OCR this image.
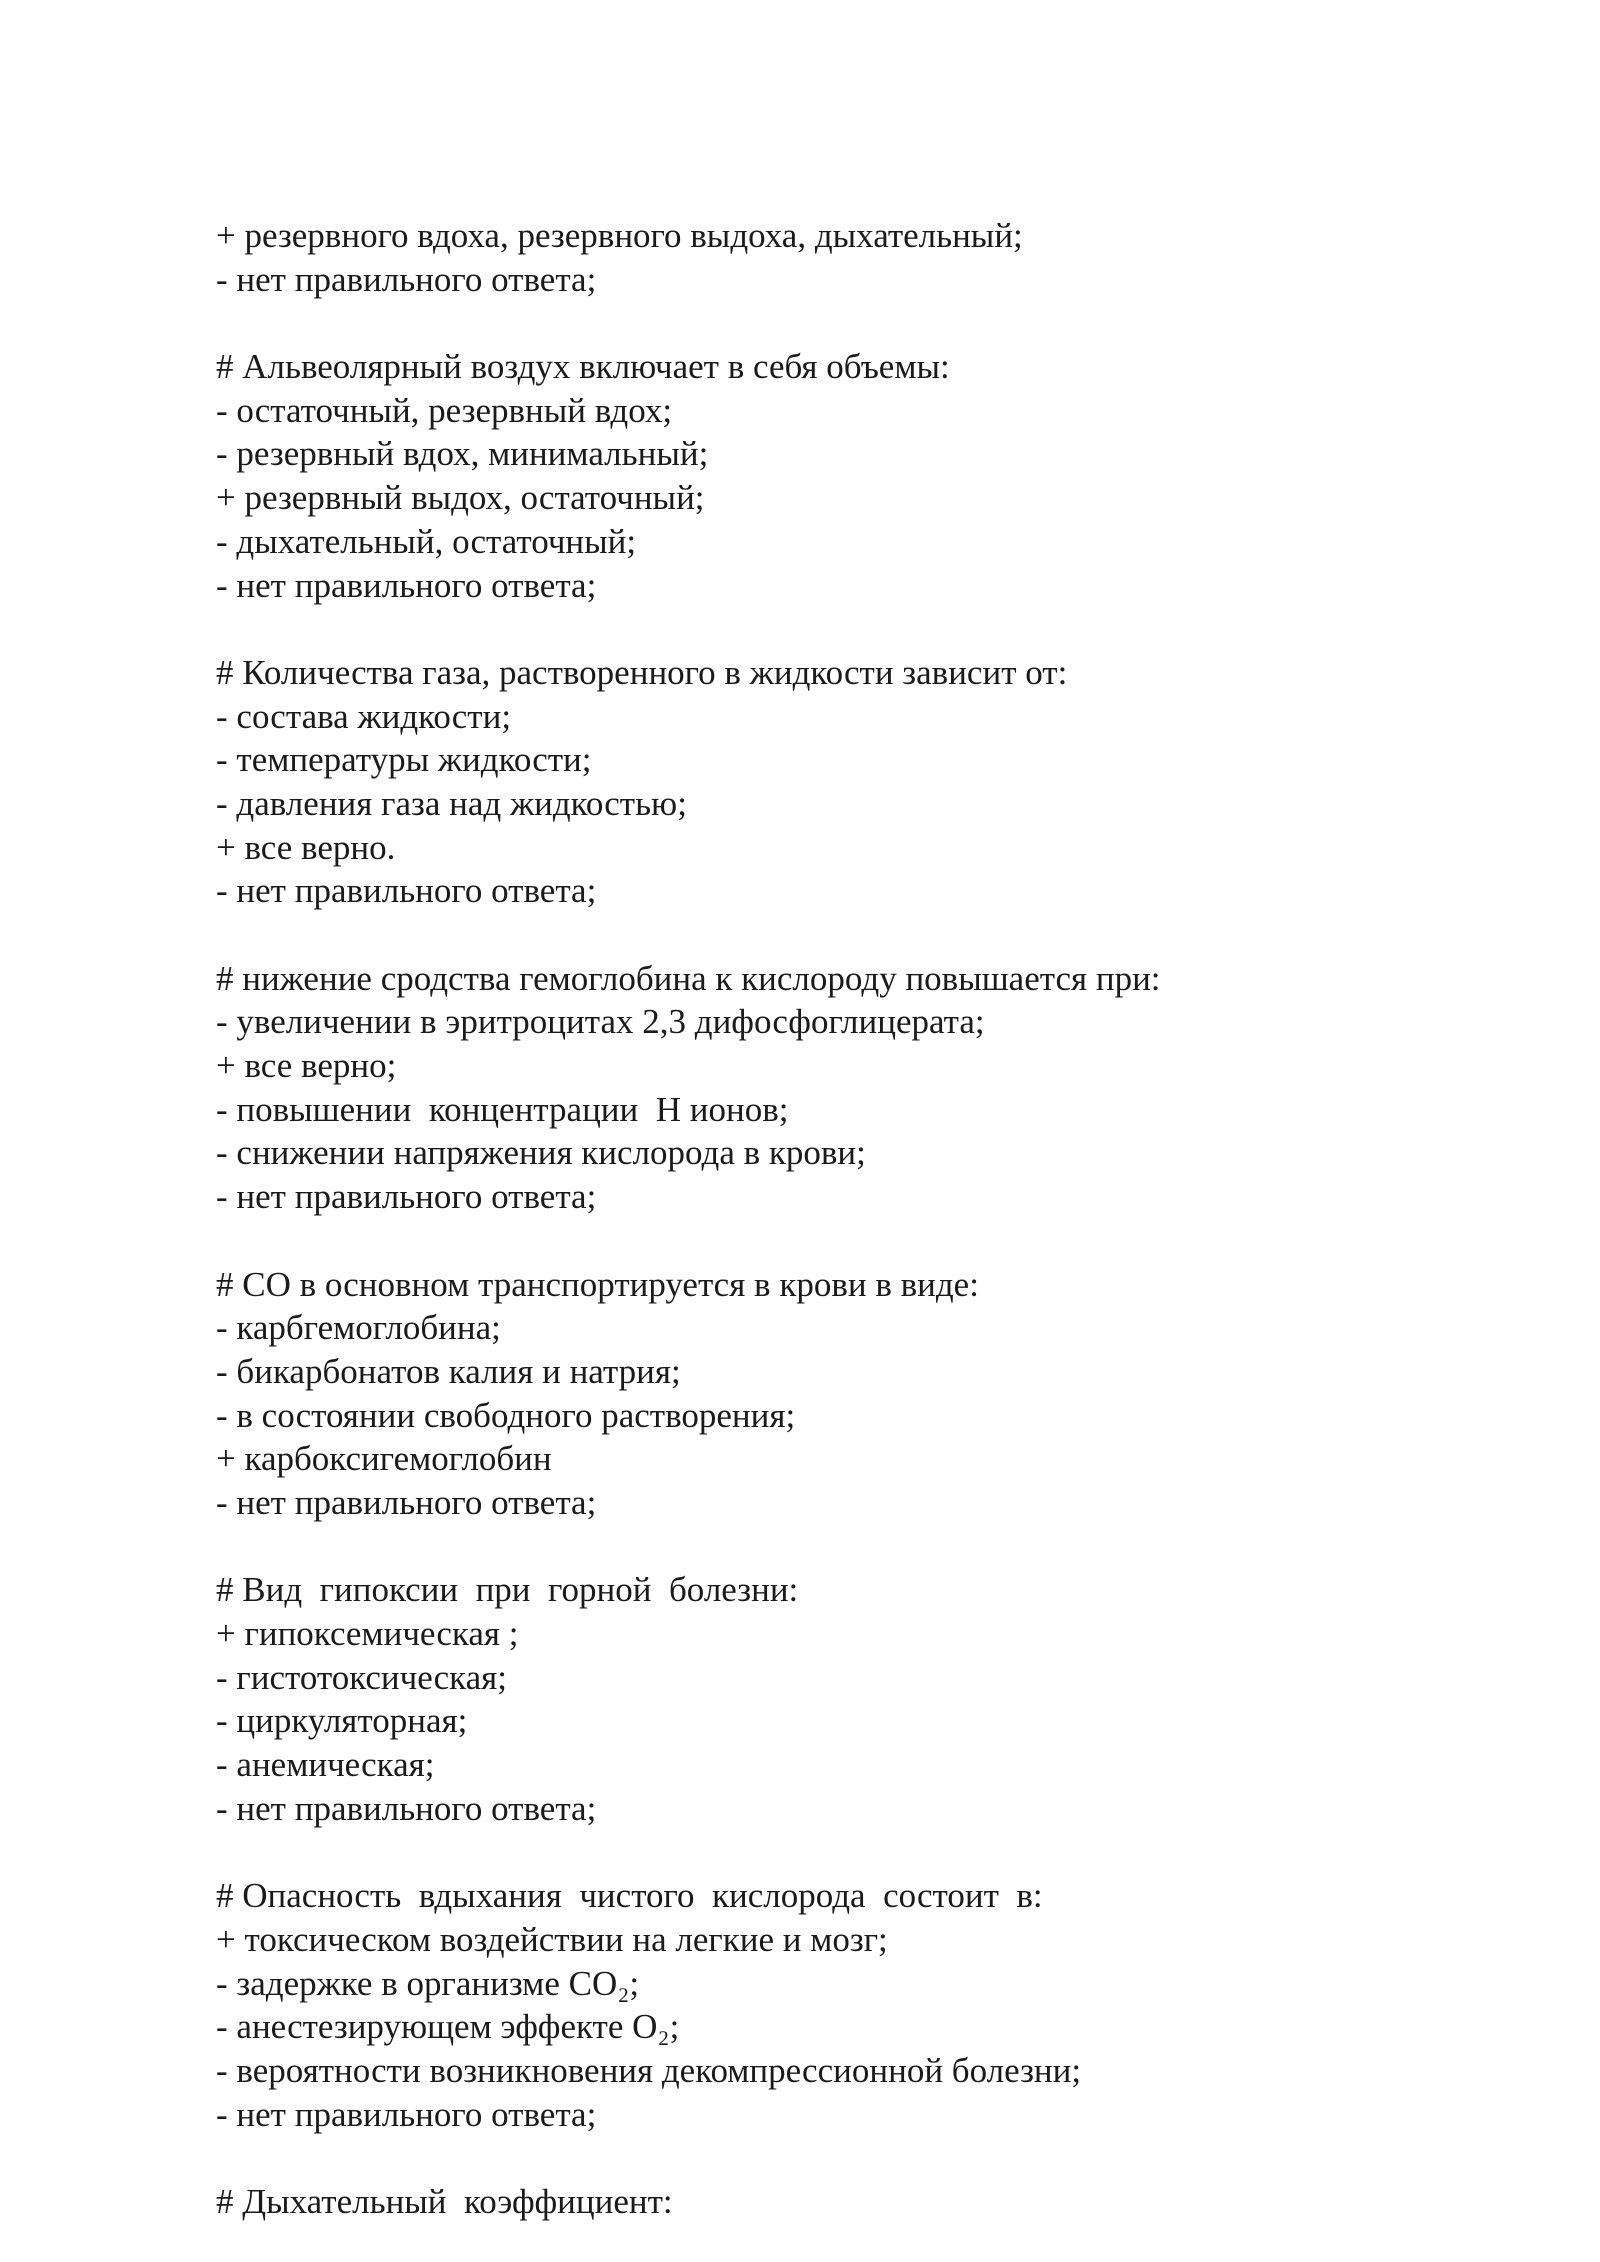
+ резервного вдоха, резервного выдоха, дыхательный;
- нет правильного ответа;
# Альвеолярный воздух включает в себя объемы:
- остаточный, резервный вдох;
- резервный вдох, минимальный;
+ резервный выдох, остаточный;
- дыхательный, остаточный;
- нет правильного ответа;
# Количества газа, растворенного в жидкости зависит от:
- состава жидкости;
- температуры жидкости;
- давления газа над жидкостью;
+ все верно.
- нет правильного ответа;
# нижение сродства гемоглобина к кислороду повышается при:
- увеличении в эритроцитах 2,3 дифосфоглицерата;
+ все верно;
- повышении  концентрации  Н ионов;
- снижении напряжения кислорода в крови;
- нет правильного ответа;
# СО в основном транспортируется в крови в виде:
- карбгемоглобина;
- бикарбонатов калия и натрия;
- в состоянии свободного растворения;
+ карбоксигемоглобин
- нет правильного ответа;
# Вид  гипоксии  при  горной  болезни:
+ гипоксемическая ;
- гистотоксическая;
- циркуляторная;
- анемическая;
- нет правильного ответа;
# Опасность  вдыхания  чистого  кислорода  состоит  в:
+ токсическом воздействии на легкие и мозг;
- задержке в организме СО₂;
- анестезирующем эффекте О₂;
- вероятности возникновения декомпрессионной болезни;
- нет правильного ответа;
# Дыхательный  коэффициент:
